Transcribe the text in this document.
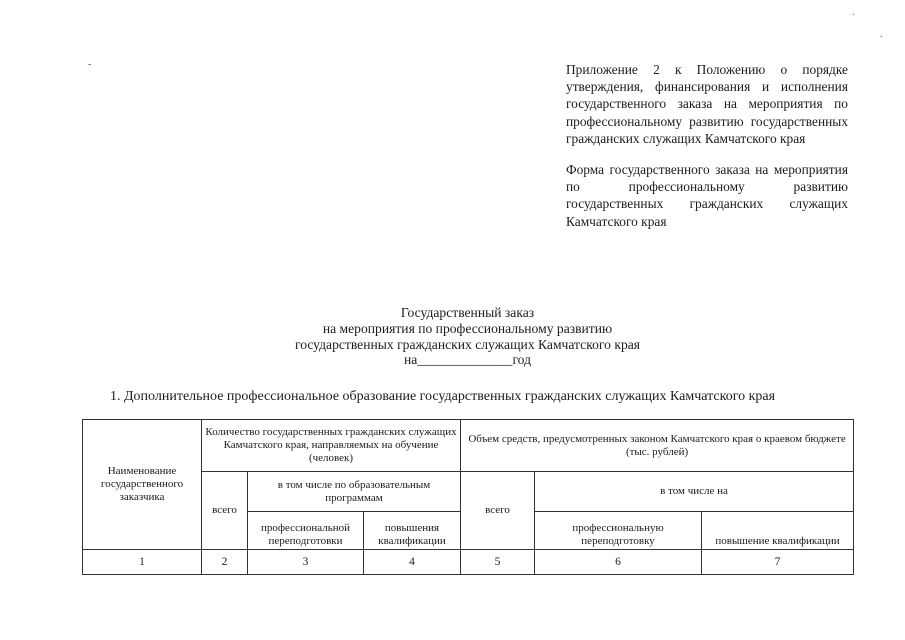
-
.
.

Приложение 2 к Положению о порядке утверждения, финансирования и исполнения государственного заказа на мероприятия по профессиональному развитию государственных гражданских служащих Камчатского края

Форма государственного заказа на мероприятия по профессиональному развитию государственных гражданских служащих Камчатского края

Государственный заказ
на мероприятия по профессиональному развитию
государственных гражданских служащих Камчатского края
на______________год
1. Дополнительное профессиональное образование государственных гражданских служащих Камчатского края
Наименование государственного заказчика	Количество государственных гражданских служащих Камчатского края, направляемых на обучение (человек)			Объем средств, предусмотренных законом Камчатского края о краевом бюджете (тыс. рублей)		
	всего	в том числе по образовательным программам		всего	в том числе на	
		профессиональной переподготовки	повышения квалификации		профессиональную переподготовку	повышение квалификации
1	2	3	4	5	6	7
